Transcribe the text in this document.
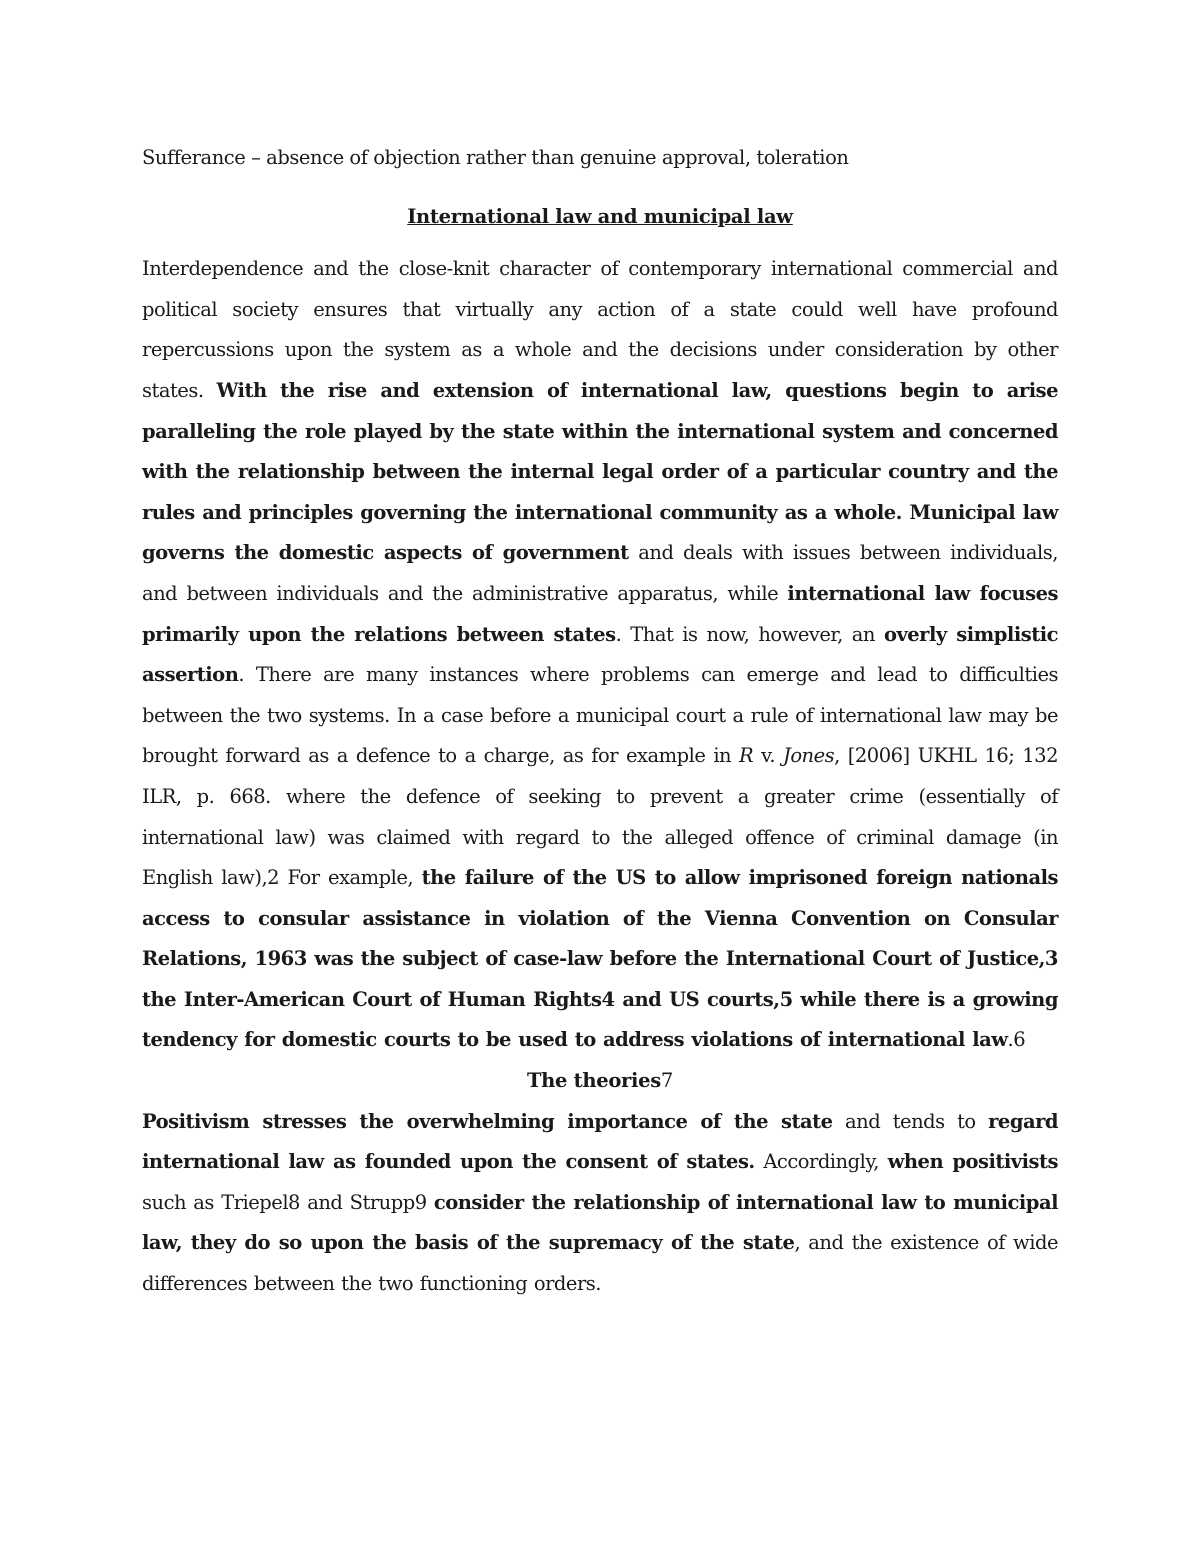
Sufferance – absence of objection rather than genuine approval, toleration

International law and municipal law

Interdependence and the close-knit character of contemporary international commercial and political society ensures that virtually any action of a state could well have profound repercussions upon the system as a whole and the decisions under consideration by other states. With the rise and extension of international law, questions begin to arise paralleling the role played by the state within the international system and concerned with the relationship between the internal legal order of a particular country and the rules and principles governing the international community as a whole. Municipal law governs the domestic aspects of government and deals with issues between individuals, and between individuals and the administrative apparatus, while international law focuses primarily upon the relations between states. That is now, however, an overly simplistic assertion. There are many instances where problems can emerge and lead to difficulties between the two systems. In a case before a municipal court a rule of international law may be brought forward as a defence to a charge, as for example in R v. Jones, [2006] UKHL 16; 132 ILR, p. 668. where the defence of seeking to prevent a greater crime (essentially of international law) was claimed with regard to the alleged offence of criminal damage (in English law),2 For example, the failure of the US to allow imprisoned foreign nationals access to consular assistance in violation of the Vienna Convention on Consular Relations, 1963 was the subject of case-law before the International Court of Justice,3 the Inter-American Court of Human Rights4 and US courts,5 while there is a growing tendency for domestic courts to be used to address violations of international law.6

The theories7

Positivism stresses the overwhelming importance of the state and tends to regard international law as founded upon the consent of states. Accordingly, when positivists such as Triepel8 and Strupp9 consider the relationship of international law to municipal law, they do so upon the basis of the supremacy of the state, and the existence of wide differences between the two functioning orders.
